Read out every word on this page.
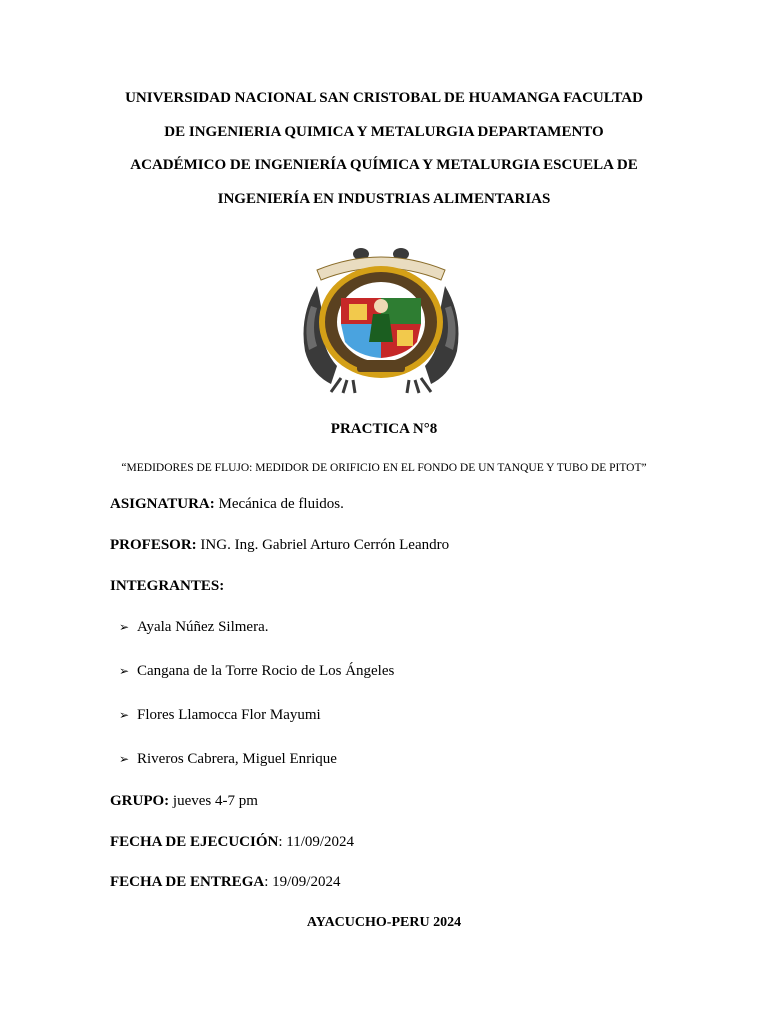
UNIVERSIDAD NACIONAL SAN CRISTOBAL DE HUAMANGA FACULTAD
DE INGENIERIA QUIMICA Y METALURGIA DEPARTAMENTO
ACADÉMICO DE INGENIERÍA QUÍMICA Y METALURGIA ESCUELA DE
INGENIERÍA EN INDUSTRIAS ALIMENTARIAS
PRACTICA N°8
“MEDIDORES DE FLUJO: MEDIDOR DE ORIFICIO EN EL FONDO DE UN TANQUE Y TUBO DE PITOT”
ASIGNATURA: Mecánica de fluidos.
PROFESOR: ING. Ing. Gabriel Arturo Cerrón Leandro
INTEGRANTES:
➢ Ayala Núñez Silmera.
➢ Cangana de la Torre Rocio de Los Ángeles
➢ Flores Llamocca Flor Mayumi
➢ Riveros Cabrera, Miguel Enrique
GRUPO: jueves 4-7 pm
FECHA DE EJECUCIÓN: 11/09/2024
FECHA DE ENTREGA: 19/09/2024
AYACUCHO-PERU 2024
